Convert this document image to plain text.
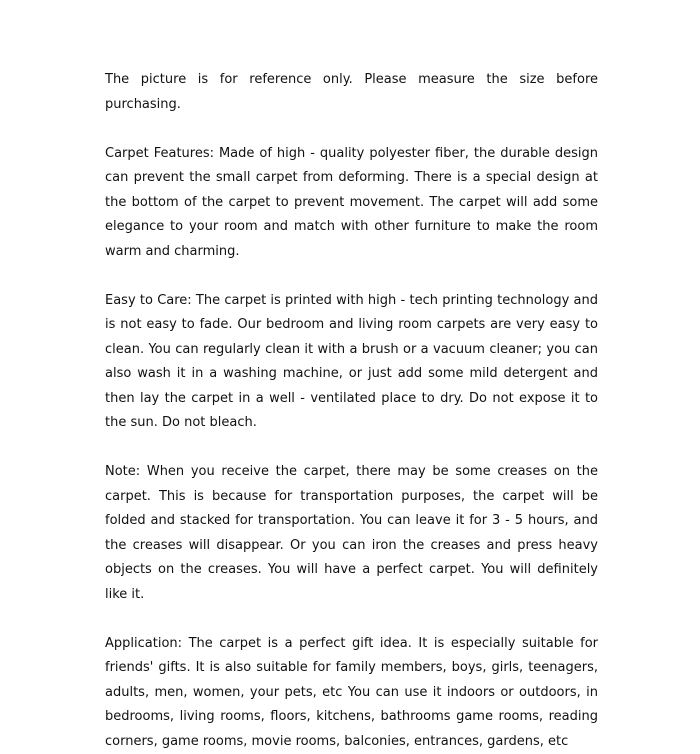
The picture is for reference only. Please measure the size before purchasing.

Carpet Features: Made of high - quality polyester fiber, the durable design can prevent the small carpet from deforming. There is a special design at the bottom of the carpet to prevent movement. The carpet will add some elegance to your room and match with other furniture to make the room warm and charming.

Easy to Care: The carpet is printed with high - tech printing technology and is not easy to fade. Our bedroom and living room carpets are very easy to clean. You can regularly clean it with a brush or a vacuum cleaner; you can also wash it in a washing machine, or just add some mild detergent and then lay the carpet in a well - ventilated place to dry. Do not expose it to the sun. Do not bleach.

Note: When you receive the carpet, there may be some creases on the carpet. This is because for transportation purposes, the carpet will be folded and stacked for transportation. You can leave it for 3 - 5 hours, and the creases will disappear. Or you can iron the creases and press heavy objects on the creases. You will have a perfect carpet. You will definitely like it.

Application: The carpet is a perfect gift idea. It is especially suitable for friends' gifts. It is also suitable for family members, boys, girls, teenagers, adults, men, women, your pets, etc You can use it indoors or outdoors, in bedrooms, living rooms, floors, kitchens, bathrooms game rooms, reading corners, game rooms, movie rooms, balconies, entrances, gardens, etc
